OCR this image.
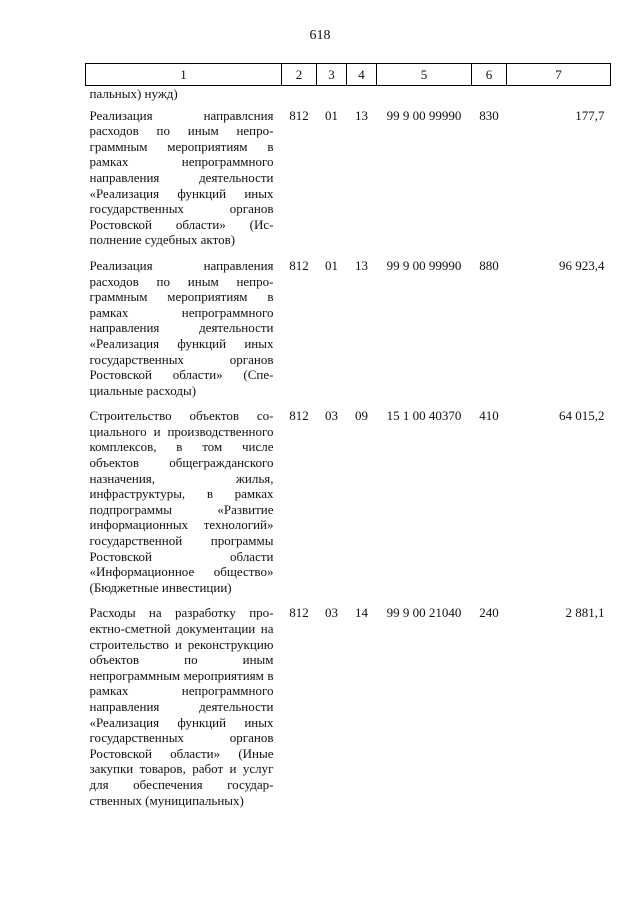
618
1	2	3	4	5	6	7
пальных) нужд)						
Реализация направлсния расходов по иным непрограммным мероприятиям в рамках непрограммного направления деятельности «Реализация функций иных государственных органов Ростовской области» (Исполнение судебных актов)	812	01	13	99 9 00 99990	830	177,7
Реализация направления расходов по иным непрограммным мероприятиям в рамках непрограммного направления деятельности «Реализация функций иных государственных органов Ростовской области» (Специальные расходы)	812	01	13	99 9 00 99990	880	96 923,4
Строительство объектов социального и производственного комплексов, в том числе объектов общегражданского назначения, жилья, инфраструктуры, в рамках подпрограммы «Развитие информационных технологий» государственной программы Ростовской области «Информационное общество» (Бюджетные инвестиции)	812	03	09	15 1 00 40370	410	64 015,2
Расходы на разработку проектно-сметной документации на строительство и реконструкцию объектов по иным непрограммным мероприятиям в рамках непрограммного направления деятельности «Реализация функций иных государственных органов Ростовской области» (Иные закупки товаров, работ и услуг для обеспечения государственных (муниципальных)	812	03	14	99 9 00 21040	240	2 881,1
